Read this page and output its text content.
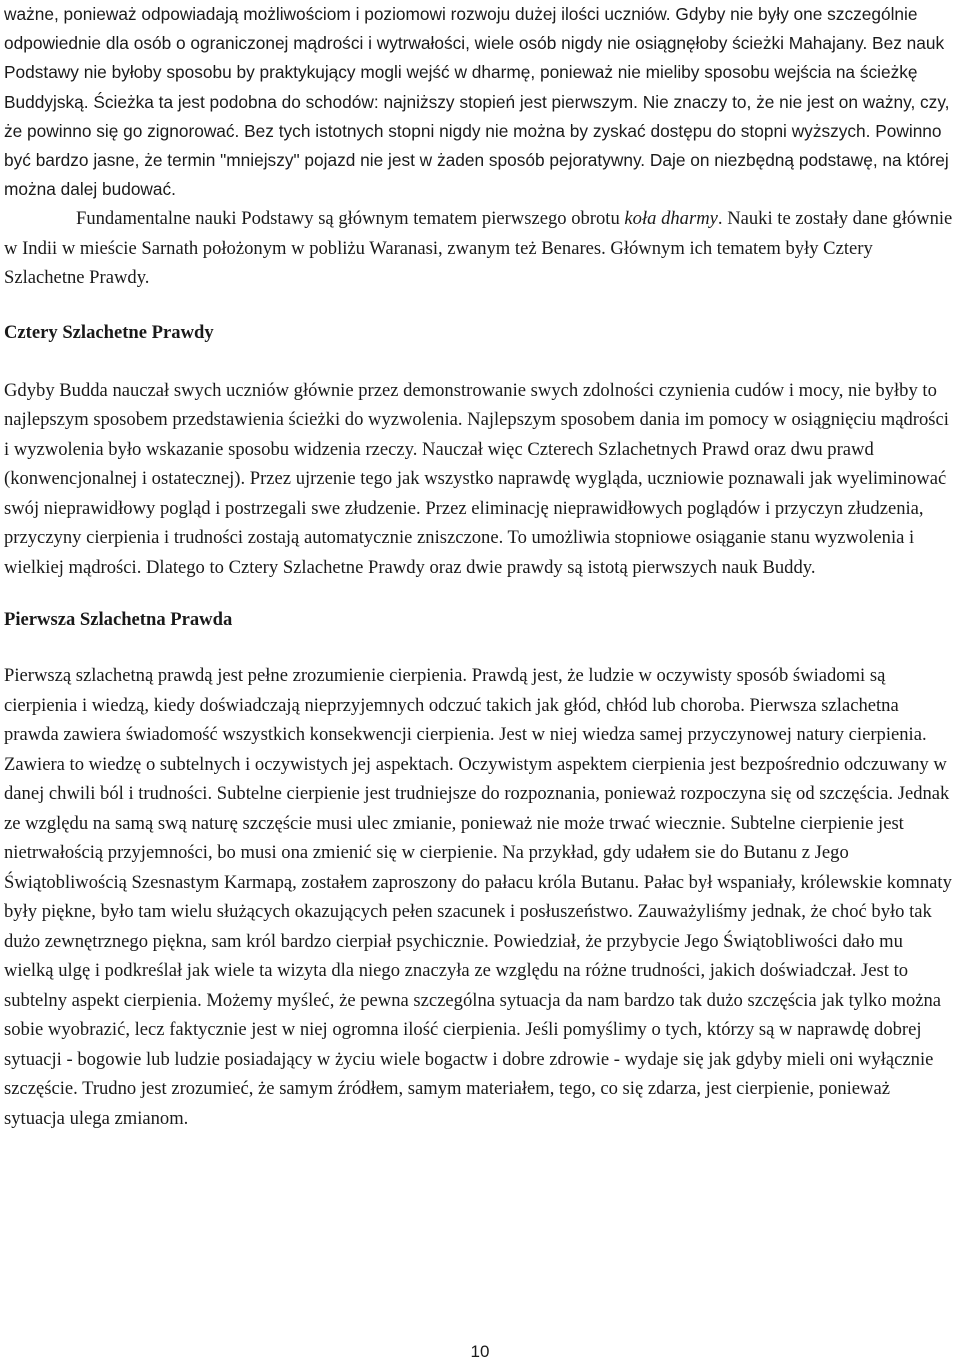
ważne, ponieważ odpowiadają możliwościom i poziomowi rozwoju dużej ilości uczniów. Gdyby nie były one szczególnie odpowiednie dla osób o ograniczonej mądrości i wytrwałości, wiele osób nigdy nie osiągnęłoby ścieżki Mahajany. Bez nauk Podstawy nie byłoby sposobu by praktykujący mogli wejść w dharmę, ponieważ nie mieliby sposobu wejścia na ścieżkę Buddyjską. Ścieżka ta jest podobna do schodów: najniższy stopień jest pierwszym. Nie znaczy to, że nie jest on ważny, czy, że powinno się go zignorować. Bez tych istotnych stopni nigdy nie można by zyskać dostępu do stopni wyższych. Powinno być bardzo jasne, że termin "mniejszy" pojazd nie jest w żaden sposób pejoratywny. Daje on niezbędną podstawę, na której można dalej budować.

Fundamentalne nauki Podstawy są głównym tematem pierwszego obrotu koła dharmy. Nauki te zostały dane głównie w Indii w mieście Sarnath położonym w pobliżu Waranasi, zwanym też Benares. Głównym ich tematem były Cztery Szlachetne Prawdy.

Cztery Szlachetne Prawdy

Gdyby Budda nauczał swych uczniów głównie przez demonstrowanie swych zdolności czynienia cudów i mocy, nie byłby to najlepszym sposobem przedstawienia ścieżki do wyzwolenia. Najlepszym sposobem dania im pomocy w osiągnięciu mądrości i wyzwolenia było wskazanie sposobu widzenia rzeczy. Nauczał więc Czterech Szlachetnych Prawd oraz dwu prawd (konwencjonalnej i ostatecznej). Przez ujrzenie tego jak wszystko naprawdę wygląda, uczniowie poznawali jak wyeliminować swój nieprawidłowy pogląd i postrzegali swe złudzenie. Przez eliminację nieprawidłowych poglądów i przyczyn złudzenia, przyczyny cierpienia i trudności zostają automatycznie zniszczone. To umożliwia stopniowe osiąganie stanu wyzwolenia i wielkiej mądrości. Dlatego to Cztery Szlachetne Prawdy oraz dwie prawdy są istotą pierwszych nauk Buddy.

Pierwsza Szlachetna Prawda

Pierwszą szlachetną prawdą jest pełne zrozumienie cierpienia. Prawdą jest, że ludzie w oczywisty sposób świadomi są cierpienia i wiedzą, kiedy doświadczają nieprzyjemnych odczuć takich jak głód, chłód lub choroba. Pierwsza szlachetna prawda zawiera świadomość wszystkich konsekwencji cierpienia. Jest w niej wiedza samej przyczynowej natury cierpienia. Zawiera to wiedzę o subtelnych i oczywistych jej aspektach. Oczywistym aspektem cierpienia jest bezpośrednio odczuwany w danej chwili ból i trudności. Subtelne cierpienie jest trudniejsze do rozpoznania, ponieważ rozpoczyna się od szczęścia. Jednak ze względu na samą swą naturę szczęście musi ulec zmianie, ponieważ nie może trwać wiecznie. Subtelne cierpienie jest nietrwałością przyjemności, bo musi ona zmienić się w cierpienie. Na przykład, gdy udałem sie do Butanu z Jego Świątobliwością Szesnastym Karmapą, zostałem zaproszony do pałacu króla Butanu. Pałac był wspaniały, królewskie komnaty były piękne, było tam wielu służących okazujących pełen szacunek i posłuszeństwo. Zauważyliśmy jednak, że choć było tak dużo zewnętrznego piękna, sam król bardzo cierpiał psychicznie. Powiedział, że przybycie Jego Świątobliwości dało mu wielką ulgę i podkreślał jak wiele ta wizyta dla niego znaczyła ze względu na różne trudności, jakich doświadczał. Jest to subtelny aspekt cierpienia. Możemy myśleć, że pewna szczególna sytuacja da nam bardzo tak dużo szczęścia jak tylko można sobie wyobrazić, lecz faktycznie jest w niej ogromna ilość cierpienia. Jeśli pomyślimy o tych, którzy są w naprawdę dobrej sytuacji - bogowie lub ludzie posiadający w życiu wiele bogactw i dobre zdrowie - wydaje się jak gdyby mieli oni wyłącznie szczęście. Trudno jest zrozumieć, że samym źródłem, samym materiałem, tego, co się zdarza, jest cierpienie, ponieważ sytuacja ulega zmianom.

10
